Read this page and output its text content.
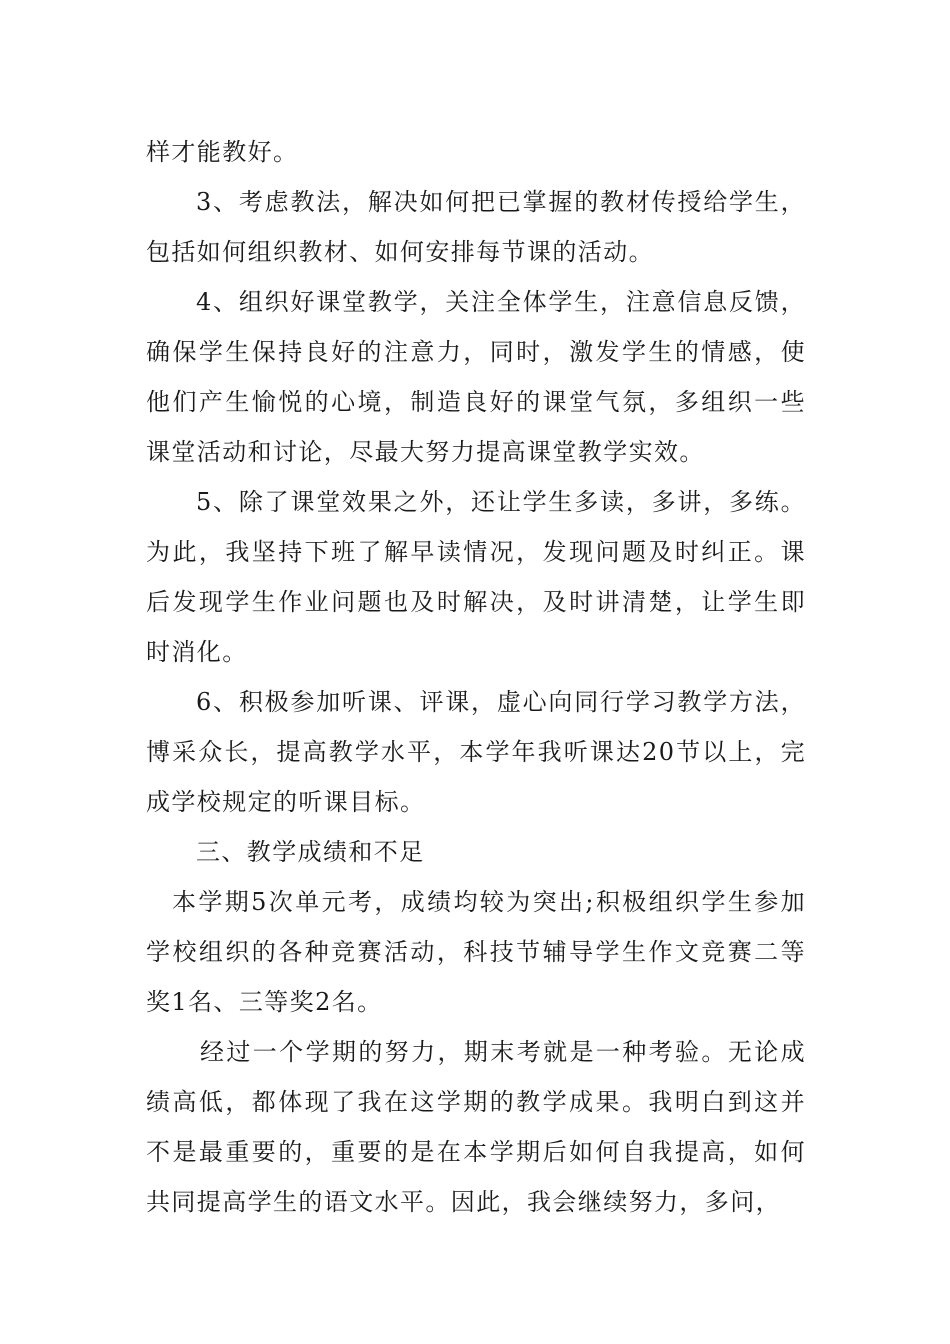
样才能教好。

3、考虑教法，解决如何把已掌握的教材传授给学生，包括如何组织教材、如何安排每节课的活动。

4、组织好课堂教学，关注全体学生，注意信息反馈，确保学生保持良好的注意力，同时，激发学生的情感，使他们产生愉悦的心境，制造良好的课堂气氛，多组织一些课堂活动和讨论，尽最大努力提高课堂教学实效。

5、除了课堂效果之外，还让学生多读，多讲，多练。为此，我坚持下班了解早读情况，发现问题及时纠正。课后发现学生作业问题也及时解决，及时讲清楚，让学生即时消化。

6、积极参加听课、评课，虚心向同行学习教学方法，博采众长，提高教学水平，本学年我听课达20节以上，完成学校规定的听课目标。

三、教学成绩和不足

本学期5次单元考，成绩均较为突出;积极组织学生参加学校组织的各种竞赛活动，科技节辅导学生作文竞赛二等奖1名、三等奖2名。

经过一个学期的努力，期末考就是一种考验。无论成绩高低，都体现了我在这学期的教学成果。我明白到这并不是最重要的，重要的是在本学期后如何自我提高，如何共同提高学生的语文水平。因此，我会继续努力，多问，
